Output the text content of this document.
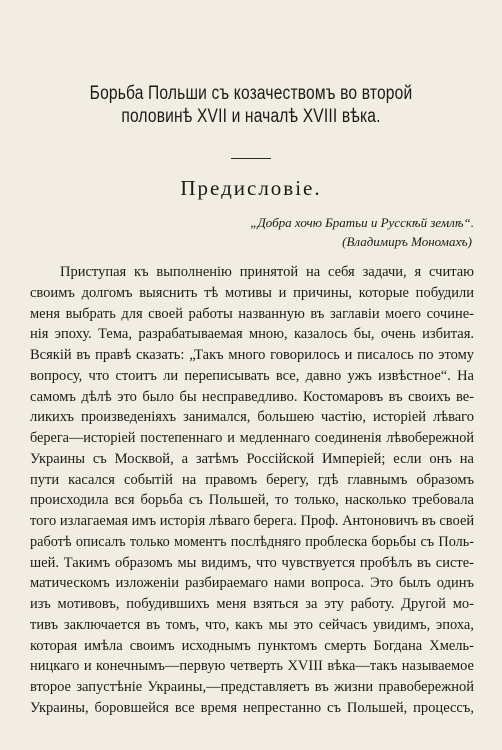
Борьба Польши съ козачествомъ во второй половинѣ XVII и началѣ XVIII вѣка.
Предисловіе.
„Добра хочю Братьи и Русскѣй землѣ“.
(Владимиръ Мономахъ)
Приступая къ выполненію принятой на себя задачи, я считаю
своимъ долгомъ выяснить тѣ мотивы и причины, которые побудили
меня выбрать для своей работы названную въ заглавіи моего сочине-
нія эпоху. Тема, разрабатываемая мною, казалось бы, очень избитая.
Всякій въ правѣ сказать: „Такъ много говорилось и писалось по этому
вопросу, что стоитъ ли переписывать все, давно ужъ извѣстное“. На
самомъ дѣлѣ это было бы несправедливо. Костомаровъ въ своихъ ве-
ликихъ произведеніяхъ занимался, большею частію, исторіей лѣваго
берега—исторіей постепеннаго и медленнаго соединенія лѣвобережной
Украины съ Москвой, а затѣмъ Россійской Имперіей; если онъ на
пути касался событій на правомъ берегу, гдѣ главнымъ образомъ
происходила вся борьба съ Польшей, то только, насколько требовала
того излагаемая имъ исторія лѣваго берега. Проф. Антоновичъ въ своей
работѣ описалъ только моментъ послѣдняго проблеска борьбы съ Поль-
шей. Такимъ образомъ мы видимъ, что чувствуется пробѣлъ въ систе-
матическомъ изложеніи разбираемаго нами вопроса. Это былъ одинъ
изъ мотивовъ, побудившихъ меня взяться за эту работу. Другой мо-
тивъ заключается въ томъ, что, какъ мы это сейчасъ увидимъ, эпоха,
которая имѣла своимъ исходнымъ пунктомъ смерть Богдана Хмель-
ницкаго и конечнымъ—первую четверть XVIII вѣка—такъ называемое
второе запустѣніе Украины,—представляетъ въ жизни правобережной
Украины, боровшейся все время непрестанно съ Польшей, процессъ,
